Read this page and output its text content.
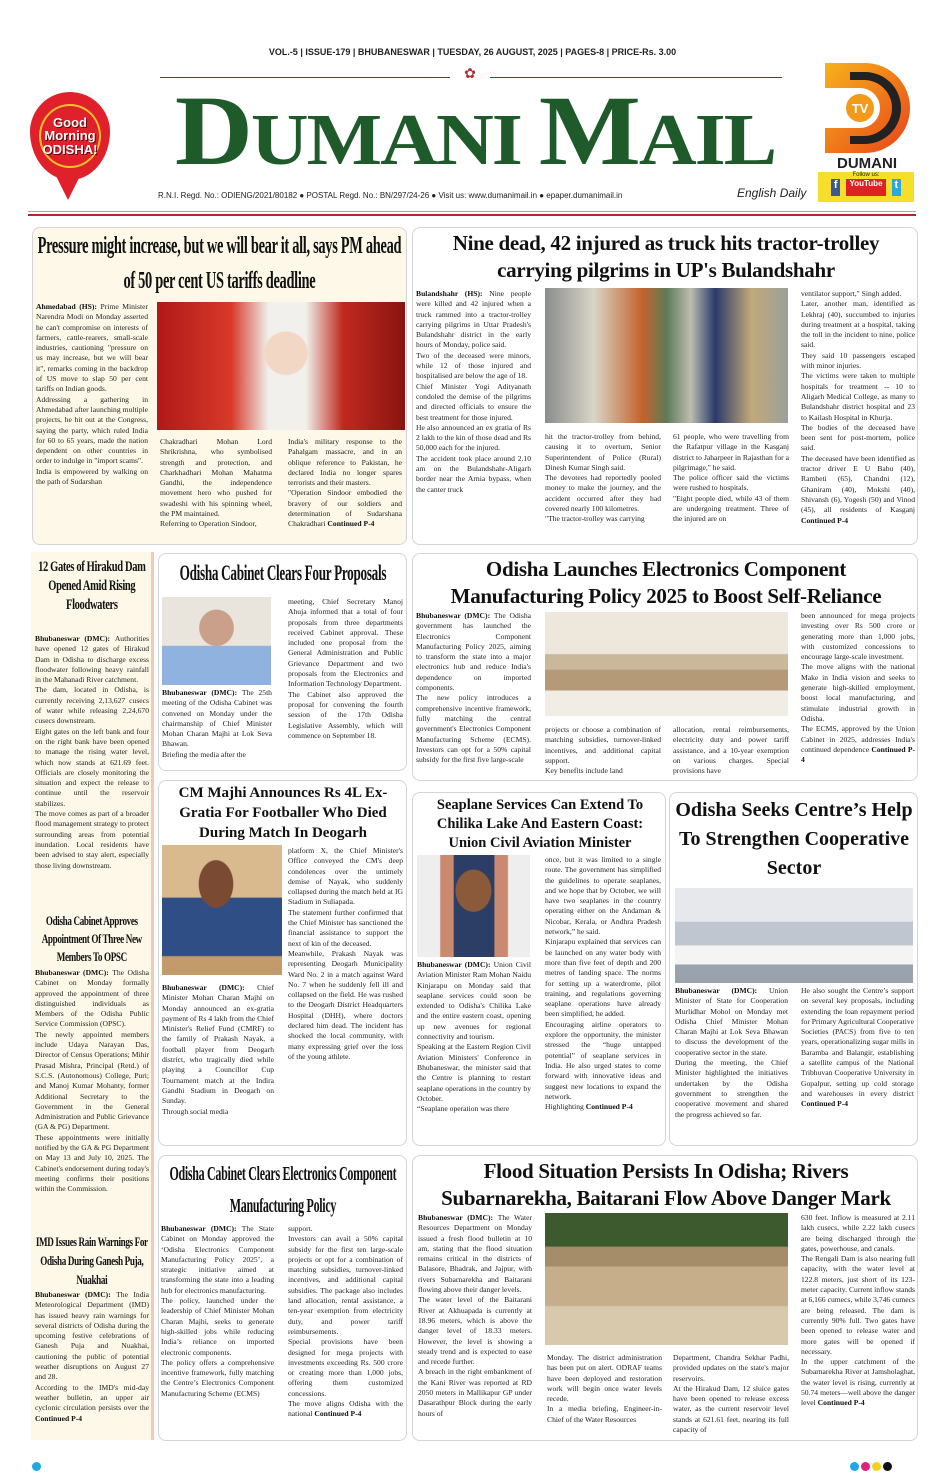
VOL.-5 | ISSUE-179 | BHUBANESWAR | TUESDAY, 26 AUGUST, 2025 | PAGES-8 | PRICE-Rs. 3.00
✿
DUMANI MAIL
R.N.I. Regd. No.: ODIENG/2021/80182 ● POSTAL Regd. No.: BN/297/24-26 ● Visit us: www.dumanimail.in ● epaper.dumanimail.in	English Daily
Good
Morning
ODISHA!
TV
DUMANI
Follow us:
f YouTube t
Pressure might increase, but we will bear it all, says PM ahead of 50 per cent US tariffs deadline

Ahmedabad (HS): Prime Minister Narendra Modi on Monday asserted he can't compromise on interests of farmers, cattle-rearers, small-scale industries, cautioning "pressure on us may increase, but we will bear it", remarks coming in the backdrop of US move to slap 50 per cent tariffs on Indian goods.

Addressing a gathering in Ahmedabad after launching multiple projects, he hit out at the Congress, saying the party, which ruled India for 60 to 65 years, made the nation dependent on other countries in order to indulge in "import scams".

India is empowered by walking on the path of Sudarshan

Chakradhari Mohan Lord Shrikrishna, who symbolised strength and protection, and Charkhadhari Mohan Mahatma Gandhi, the independence movement hero who pushed for swadeshi with his spinning wheel, the PM maintained.

Referring to Operation Sindoor,

India's military response to the Pahalgam massacre, and in an oblique reference to Pakistan, he declared India no longer spares terrorists and their masters.

"Operation Sindoor embodied the bravery of our soldiers and determination of Sudarshana Chakradhari Continued P-4

Nine dead, 42 injured as truck hits tractor-trolley carrying pilgrims in UP's Bulandshahr

Bulandshahr (HS): Nine people were killed and 42 injured when a truck rammed into a tractor-trolley carrying pilgrims in Uttar Pradesh's Bulandshahr district in the early hours of Monday, police said.

Two of the deceased were minors, while 12 of those injured and hospitalised are below the age of 18.

Chief Minister Yogi Adityanath condoled the demise of the pilgrims and directed officials to ensure the best treatment for those injured.

He also announced an ex gratia of Rs 2 lakh to the kin of those dead and Rs 50,000 each for the injured.

The accident took place around 2.10 am on the Bulandshahr-Aligarh border near the Arnia bypass, when the canter truck

hit the tractor-trolley from behind, causing it to overturn, Senior Superintendent of Police (Rural) Dinesh Kumar Singh said.

The devotees had reportedly pooled money to make the journey, and the accident occurred after they had covered nearly 100 kilometres.

"The tractor-trolley was carrying

61 people, who were travelling from the Rafatpur village in the Kasganj district to Jaharpeer in Rajasthan for a pilgrimage," he said.

The police officer said the victims were rushed to hospitals.

"Eight people died, while 43 of them are undergoing treatment. Three of the injured are on

ventilator support," Singh added.

Later, another man, identified as Lekhraj (40), succumbed to injuries during treatment at a hospital, taking the toll in the incident to nine, police said.

They said 10 passengers escaped with minor injuries.

The victims were taken to multiple hospitals for treatment -- 10 to Aligarh Medical College, as many to Bulandshahr district hospital and 23 to Kailash Hospital in Khurja.

The bodies of the deceased have been sent for post-mortem, police said.

The deceased have been identified as tractor driver E U Babu (40), Rambeti (65), Chandni (12), Ghaniram (40), Mokshi (40), Shivansh (6), Yogesh (50) and Vinod (45), all residents of Kasganj Continued P-4

12 Gates of Hirakud Dam Opened Amid Rising Floodwaters

Bhubaneswar (DMC): Authorities have opened 12 gates of Hirakud Dam in Odisha to discharge excess floodwater following heavy rainfall in the Mahanadi River catchment.

The dam, located in Odisha, is currently receiving 2,13,627 cusecs of water while releasing 2,24,670 cusecs downstream.

Eight gates on the left bank and four on the right bank have been opened to manage the rising water level, which now stands at 621.69 feet. Officials are closely monitoring the situation and expect the release to continue until the reservoir stabilizes.

The move comes as part of a broader flood management strategy to protect surrounding areas from potential inundation. Local residents have been advised to stay alert, especially those living downstream.

Odisha Cabinet Approves Appointment Of Three New Members To OPSC

Bhubaneswar (DMC): The Odisha Cabinet on Monday formally approved the appointment of three distinguished individuals as Members of the Odisha Public Service Commission (OPSC).

The newly appointed members include Udaya Narayan Das, Director of Census Operations; Mihir Prasad Mishra, Principal (Retd.) of S.C.S. (Autonomous) College, Puri; and Manoj Kumar Mohanty, former Additional Secretary to the Government in the General Administration and Public Grievance (GA & PG) Department.

These appointments were initially notified by the GA & PG Department on May 13 and July 10, 2025. The Cabinet's endorsement during today's meeting confirms their positions within the Commission.

IMD Issues Rain Warnings For Odisha During Ganesh Puja, Nuakhai

Bhubaneswar (DMC): The India Meteorological Department (IMD) has issued heavy rain warnings for several districts of Odisha during the upcoming festive celebrations of Ganesh Puja and Nuakhai, cautioning the public of potential weather disruptions on August 27 and 28.

According to the IMD's mid-day weather bulletin, an upper air cyclonic circulation persists over the Continued P-4

Odisha Cabinet Clears Four Proposals

Bhubaneswar (DMC): The 25th meeting of the Odisha Cabinet was convened on Monday under the chairmanship of Chief Minister Mohan Charan Majhi at Lok Seva Bhawan.

Briefing the media after the

meeting, Chief Secretary Manoj Ahuja informed that a total of four proposals from three departments received Cabinet approval. These included one proposal from the General Administration and Public Grievance Department and two proposals from the Electronics and Information Technology Department.

The Cabinet also approved the proposal for convening the fourth session of the 17th Odisha Legislative Assembly, which will commence on September 18.

Odisha Launches Electronics Component Manufacturing Policy 2025 to Boost Self-Reliance

Bhubaneswar (DMC): The Odisha government has launched the Electronics Component Manufacturing Policy 2025, aiming to transform the state into a major electronics hub and reduce India's dependence on imported components.

The new policy introduces a comprehensive incentive framework, fully matching the central government's Electronics Component Manufacturing Scheme (ECMS). Investors can opt for a 50% capital subsidy for the first five large-scale

projects or choose a combination of matching subsidies, turnover-linked incentives, and additional capital support.

Key benefits include land

allocation, rental reimbursements, electricity duty and power tariff assistance, and a 10-year exemption on various charges. Special provisions have

been announced for mega projects investing over Rs 500 crore or generating more than 1,000 jobs, with customized concessions to encourage large-scale investment.

The move aligns with the national Make in India vision and seeks to generate high-skilled employment, boost local manufacturing, and stimulate industrial growth in Odisha.

The ECMS, approved by the Union Cabinet in 2025, addresses India's continued dependence Continued P-4

CM Majhi Announces Rs 4L Ex-Gratia For Footballer Who Died During Match In Deogarh

Bhubaneswar (DMC): Chief Minister Mohan Charan Majhi on Monday announced an ex-gratia payment of Rs 4 lakh from the Chief Minister's Relief Fund (CMRF) to the family of Prakash Nayak, a football player from Deogarh district, who tragically died while playing a Councillor Cup Tournament match at the Indira Gandhi Stadium in Deogarh on Sunday.

Through social media

platform X, the Chief Minister's Office conveyed the CM's deep condolences over the untimely demise of Nayak, who suddenly collapsed during the match held at IG Stadium in Suliapada.

The statement further confirmed that the Chief Minister has sanctioned the financial assistance to support the next of kin of the deceased.

Meanwhile, Prakash Nayak was representing Deogarh Municipality Ward No. 2 in a match against Ward No. 7 when he suddenly fell ill and collapsed on the field. He was rushed to the Deogarh District Headquarters Hospital (DHH), where doctors declared him dead. The incident has shocked the local community, with many expressing grief over the loss of the young athlete.

Seaplane Services Can Extend To Chilika Lake And Eastern Coast: Union Civil Aviation Minister

Bhubaneswar (DMC): Union Civil Aviation Minister Ram Mohan Naidu Kinjarapu on Monday said that seaplane services could soon be extended to Odisha's Chilika Lake and the entire eastern coast, opening up new avenues for regional connectivity and tourism.

Speaking at the Eastern Region Civil Aviation Ministers' Conference in Bhubaneswar, the minister said that the Centre is planning to restart seaplane operations in the country by October.

“Seaplane operation was there

once, but it was limited to a single route. The government has simplified the guidelines to operate seaplanes, and we hope that by October, we will have two seaplanes in the country operating either on the Andaman & Nicobar, Kerala, or Andhra Pradesh network,” he said.

Kinjarapu explained that services can be launched on any water body with more than five feet of depth and 200 metres of landing space. The norms for setting up a waterdrome, pilot training, and regulations governing seaplane operations have already been simplified, he added.

Encouraging airline operators to explore the opportunity, the minister stressed the “huge untapped potential” of seaplane services in India. He also urged states to come forward with innovative ideas and suggest new locations to expand the network.

Highlighting Continued P-4

Odisha Seeks Centre’s Help To Strengthen Cooperative Sector

Bhubaneswar (DMC): Union Minister of State for Cooperation Murlidhar Mohol on Monday met Odisha Chief Minister Mohan Charan Majhi at Lok Seva Bhawan to discuss the development of the cooperative sector in the state.

During the meeting, the Chief Minister highlighted the initiatives undertaken by the Odisha government to strengthen the cooperative movement and shared the progress achieved so far.

He also sought the Centre’s support on several key proposals, including extending the loan repayment period for Primary Agricultural Cooperative Societies (PACS) from five to ten years, operationalizing sugar mills in Baramba and Balangir, establishing a satellite campus of the National Tribhuvan Cooperative University in Gopalpur, setting up cold storage and warehouses in every district Continued P-4

Odisha Cabinet Clears Electronics Component Manufacturing Policy

Bhubaneswar (DMC): The State Cabinet on Monday approved the ‘Odisha Electronics Component Manufacturing Policy 2025’, a strategic initiative aimed at transforming the state into a leading hub for electronics manufacturing.

The policy, launched under the leadership of Chief Minister Mohan Charan Majhi, seeks to generate high-skilled jobs while reducing India’s reliance on imported electronic components.

The policy offers a comprehensive incentive framework, fully matching the Centre’s Electronics Component Manufacturing Scheme (ECMS)

support.

Investors can avail a 50% capital subsidy for the first ten large-scale projects or opt for a combination of matching subsidies, turnover-linked incentives, and additional capital subsidies. The package also includes land allocation, rental assistance, a ten-year exemption from electricity duty, and power tariff reimbursements.

Special provisions have been designed for mega projects with investments exceeding Rs. 500 crore or creating more than 1,000 jobs, offering them customized concessions.

The move aligns Odisha with the national Continued P-4

Flood Situation Persists In Odisha; Rivers Subarnarekha, Baitarani Flow Above Danger Mark

Bhubaneswar (DMC): The Water Resources Department on Monday issued a fresh flood bulletin at 10 am, stating that the flood situation remains critical in the districts of Balasore, Bhadrak, and Jajpur, with rivers Subarnarekha and Baitarani flowing above their danger levels.

The water level of the Baitarani River at Akhuapada is currently at 18.96 meters, which is above the danger level of 18.33 meters. However, the level is showing a steady trend and is expected to ease and recede further.

A breach in the right embankment of the Kani River was reported at RD 2050 meters in Mallikapur GP under Dasarathpur Block during the early hours of

Monday. The district administration has been put on alert. ODRAF teams have been deployed and restoration work will begin once water levels recede.

In a media briefing, Engineer-in-Chief of the Water Resources

Department, Chandra Sekhar Padhi, provided updates on the state's major reservoirs.

At the Hirakud Dam, 12 sluice gates have been opened to release excess water, as the current reservoir level stands at 621.61 feet, nearing its full capacity of

630 feet. Inflow is measured at 2.11 lakh cusecs, while 2.22 lakh cusecs are being discharged through the gates, powerhouse, and canals.

The Rengali Dam is also nearing full capacity, with the water level at 122.8 meters, just short of its 123-meter capacity. Current inflow stands at 6,166 cumecs, while 3,746 cumecs are being released. The dam is currently 90% full. Two gates have been opened to release water and more gates will be opened if necessary.

In the upper catchment of the Subarnarekha River at Jamsholaghat, the water level is rising, currently at 50.74 meters—well above the danger level Continued P-4
